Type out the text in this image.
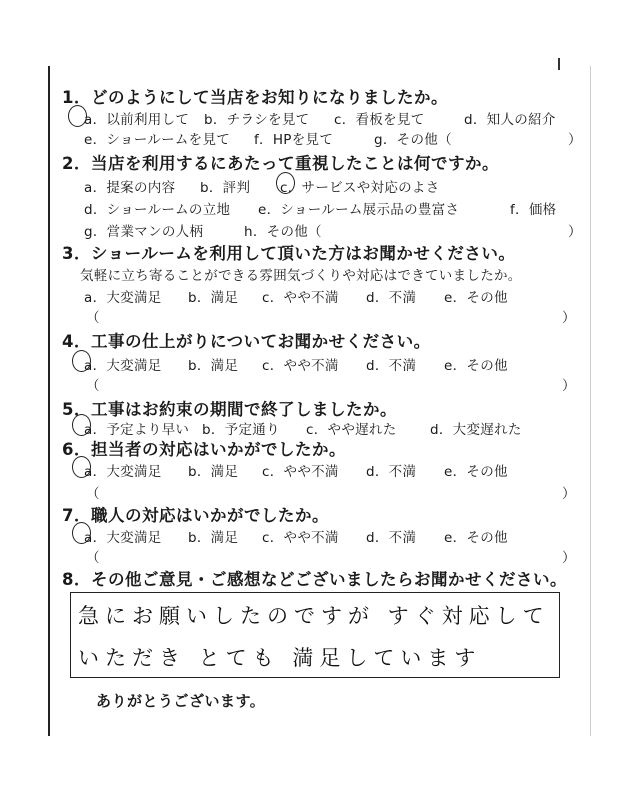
1．どのようにして当店をお知りになりましたか。
a．以前利用して b．チラシを見て c．看板を見て	d．知人の紹介
e．ショールームを見て f．HPを見て	g．その他（	）
2．当店を利用するにあたって重視したことは何ですか。
a．提案の内容 b．評判 c．サービスや対応のよさ
d．ショールームの立地 e．ショールーム展示品の豊富さ	f．価格
g．営業マンの人柄	h．その他（	）
3．ショールームを利用して頂いた方はお聞かせください。
気軽に立ち寄ることができる雰囲気づくりや対応はできていましたか。
a．大変満足 b．満足 c．やや不満 d．不満 e．その他
（	）
4．工事の仕上がりについてお聞かせください。
a．大変満足 b．満足 c．やや不満 d．不満 e．その他
（	）
5．工事はお約束の期間で終了しましたか。
a．予定より早い b．予定通り c．やや遅れた d．大変遅れた
6．担当者の対応はいかがでしたか。
a．大変満足 b．満足 c．やや不満 d．不満 e．その他
（	）
7．職人の対応はいかがでしたか。
a．大変満足 b．満足 c．やや不満 d．不満 e．その他
（	）
8．その他ご意見・ご感想などございましたらお聞かせください。
急にお願いしたのですが すぐ対応して
いただき とても 満足しています
ありがとうございます。
